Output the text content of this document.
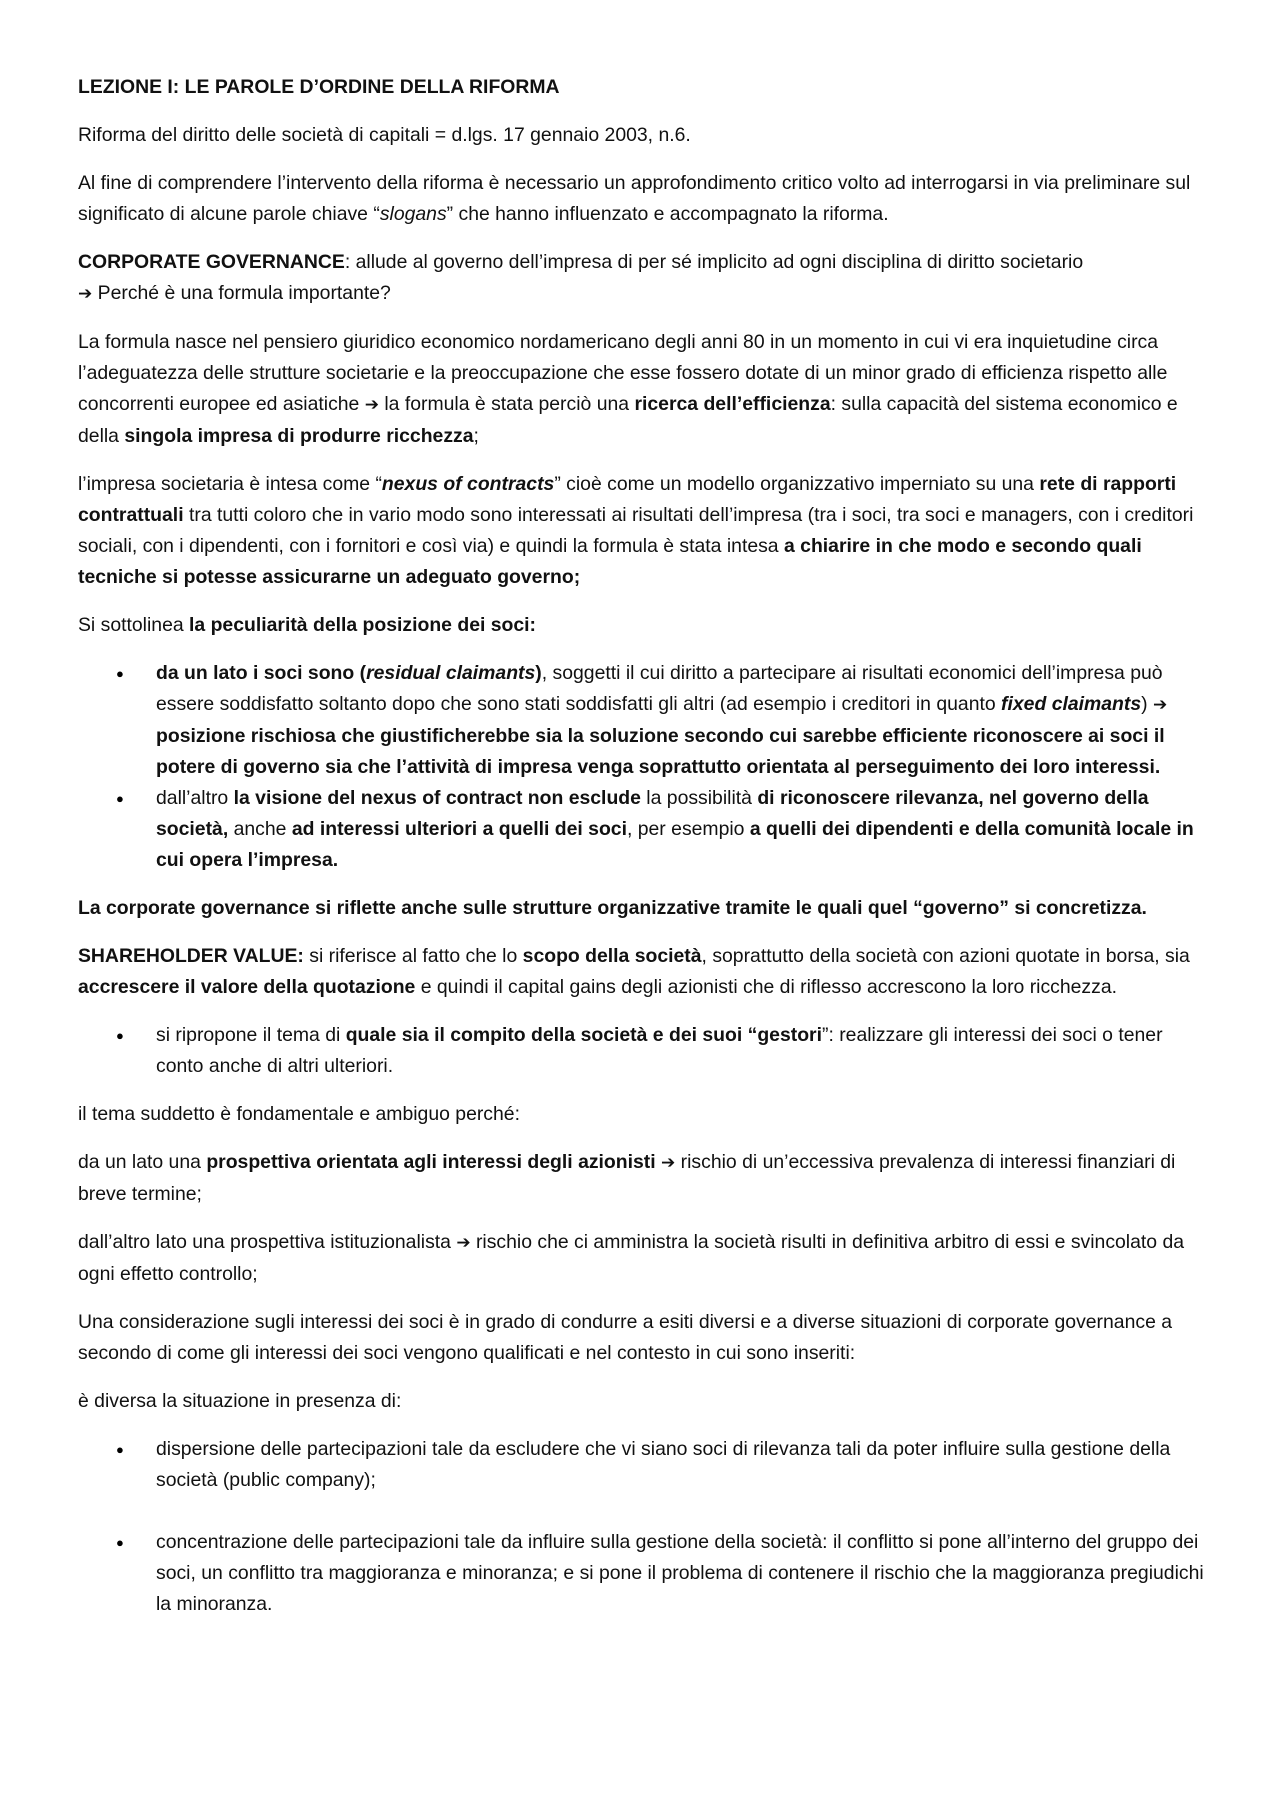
LEZIONE I: LE PAROLE D’ORDINE DELLA RIFORMA

Riforma del diritto delle società di capitali = d.lgs. 17 gennaio 2003, n.6.

Al fine di comprendere l’intervento della riforma è necessario un approfondimento critico volto ad interrogarsi in via preliminare sul significato di alcune parole chiave “slogans” che hanno influenzato e accompagnato la riforma.

CORPORATE GOVERNANCE: allude al governo dell’impresa di per sé implicito ad ogni disciplina di diritto societario
➔ Perché è una formula importante?

La formula nasce nel pensiero giuridico economico nordamericano degli anni 80 in un momento in cui vi era inquietudine circa l’adeguatezza delle strutture societarie e la preoccupazione che esse fossero dotate di un minor grado di efficienza rispetto alle concorrenti europee ed asiatiche ➔ la formula è stata perciò una ricerca dell’efficienza: sulla capacità del sistema economico e della singola impresa di produrre ricchezza;

l’impresa societaria è intesa come “nexus of contracts” cioè come un modello organizzativo imperniato su una rete di rapporti contrattuali tra tutti coloro che in vario modo sono interessati ai risultati dell’impresa (tra i soci, tra soci e managers, con i creditori sociali, con i dipendenti, con i fornitori e così via) e quindi la formula è stata intesa a chiarire in che modo e secondo quali tecniche si potesse assicurarne un adeguato governo;

Si sottolinea la peculiarità della posizione dei soci:

● da un lato i soci sono (residual claimants), soggetti il cui diritto a partecipare ai risultati economici dell’impresa può essere soddisfatto soltanto dopo che sono stati soddisfatti gli altri (ad esempio i creditori in quanto fixed claimants) ➔ posizione rischiosa che giustificherebbe sia la soluzione secondo cui sarebbe efficiente riconoscere ai soci il potere di governo sia che l’attività di impresa venga soprattutto orientata al perseguimento dei loro interessi.
● dall’altro la visione del nexus of contract non esclude la possibilità di riconoscere rilevanza, nel governo della società, anche ad interessi ulteriori a quelli dei soci, per esempio a quelli dei dipendenti e della comunità locale in cui opera l’impresa.

La corporate governance si riflette anche sulle strutture organizzative tramite le quali quel “governo” si concretizza.

SHAREHOLDER VALUE: si riferisce al fatto che lo scopo della società, soprattutto della società con azioni quotate in borsa, sia accrescere il valore della quotazione e quindi il capital gains degli azionisti che di riflesso accrescono la loro ricchezza.

● si ripropone il tema di quale sia il compito della società e dei suoi “gestori”: realizzare gli interessi dei soci o tener conto anche di altri ulteriori.

il tema suddetto è fondamentale e ambiguo perché:

da un lato una prospettiva orientata agli interessi degli azionisti ➔ rischio di un’eccessiva prevalenza di interessi finanziari di breve termine;

dall’altro lato una prospettiva istituzionalista ➔ rischio che ci amministra la società risulti in definitiva arbitro di essi e svincolato da ogni effetto controllo;

Una considerazione sugli interessi dei soci è in grado di condurre a esiti diversi e a diverse situazioni di corporate governance a secondo di come gli interessi dei soci vengono qualificati e nel contesto in cui sono inseriti:

è diversa la situazione in presenza di:

● dispersione delle partecipazioni tale da escludere che vi siano soci di rilevanza tali da poter influire sulla gestione della società (public company);
● concentrazione delle partecipazioni tale da influire sulla gestione della società: il conflitto si pone all’interno del gruppo dei soci, un conflitto tra maggioranza e minoranza; e si pone il problema di contenere il rischio che la maggioranza pregiudichi la minoranza.
